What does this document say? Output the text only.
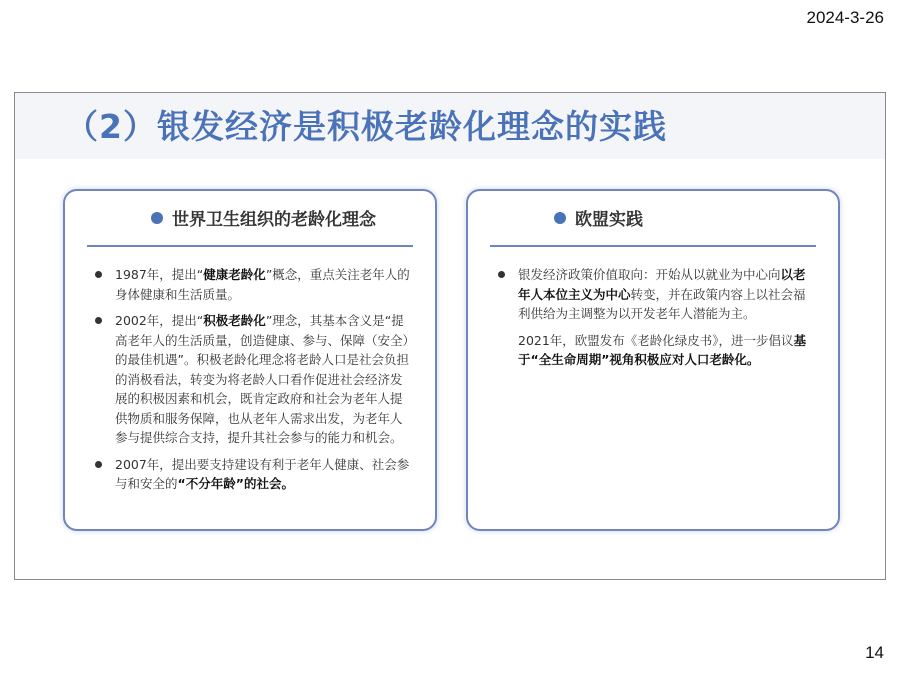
2024-3-26
（2）银发经济是积极老龄化理念的实践
世界卫生组织的老龄化理念
1987年，提出“健康老龄化”概念，重点关注老年人的身体健康和生活质量。
2002年，提出“积极老龄化”理念，其基本含义是“提高老年人的生活质量，创造健康、参与、保障（安全）的最佳机遇”。积极老龄化理念将老龄人口是社会负担的消极看法，转变为将老龄人口看作促进社会经济发展的积极因素和机会，既肯定政府和社会为老年人提供物质和服务保障，也从老年人需求出发，为老年人参与提供综合支持，提升其社会参与的能力和机会。
2007年，提出要支持建设有利于老年人健康、社会参与和安全的“不分年龄”的社会。
欧盟实践
银发经济政策价值取向：开始从以就业为中心向以老年人本位主义为中心转变，并在政策内容上以社会福利供给为主调整为以开发老年人潜能为主。
2021年，欧盟发布《老龄化绿皮书》，进一步倡议基于“全生命周期”视角积极应对人口老龄化。
14
